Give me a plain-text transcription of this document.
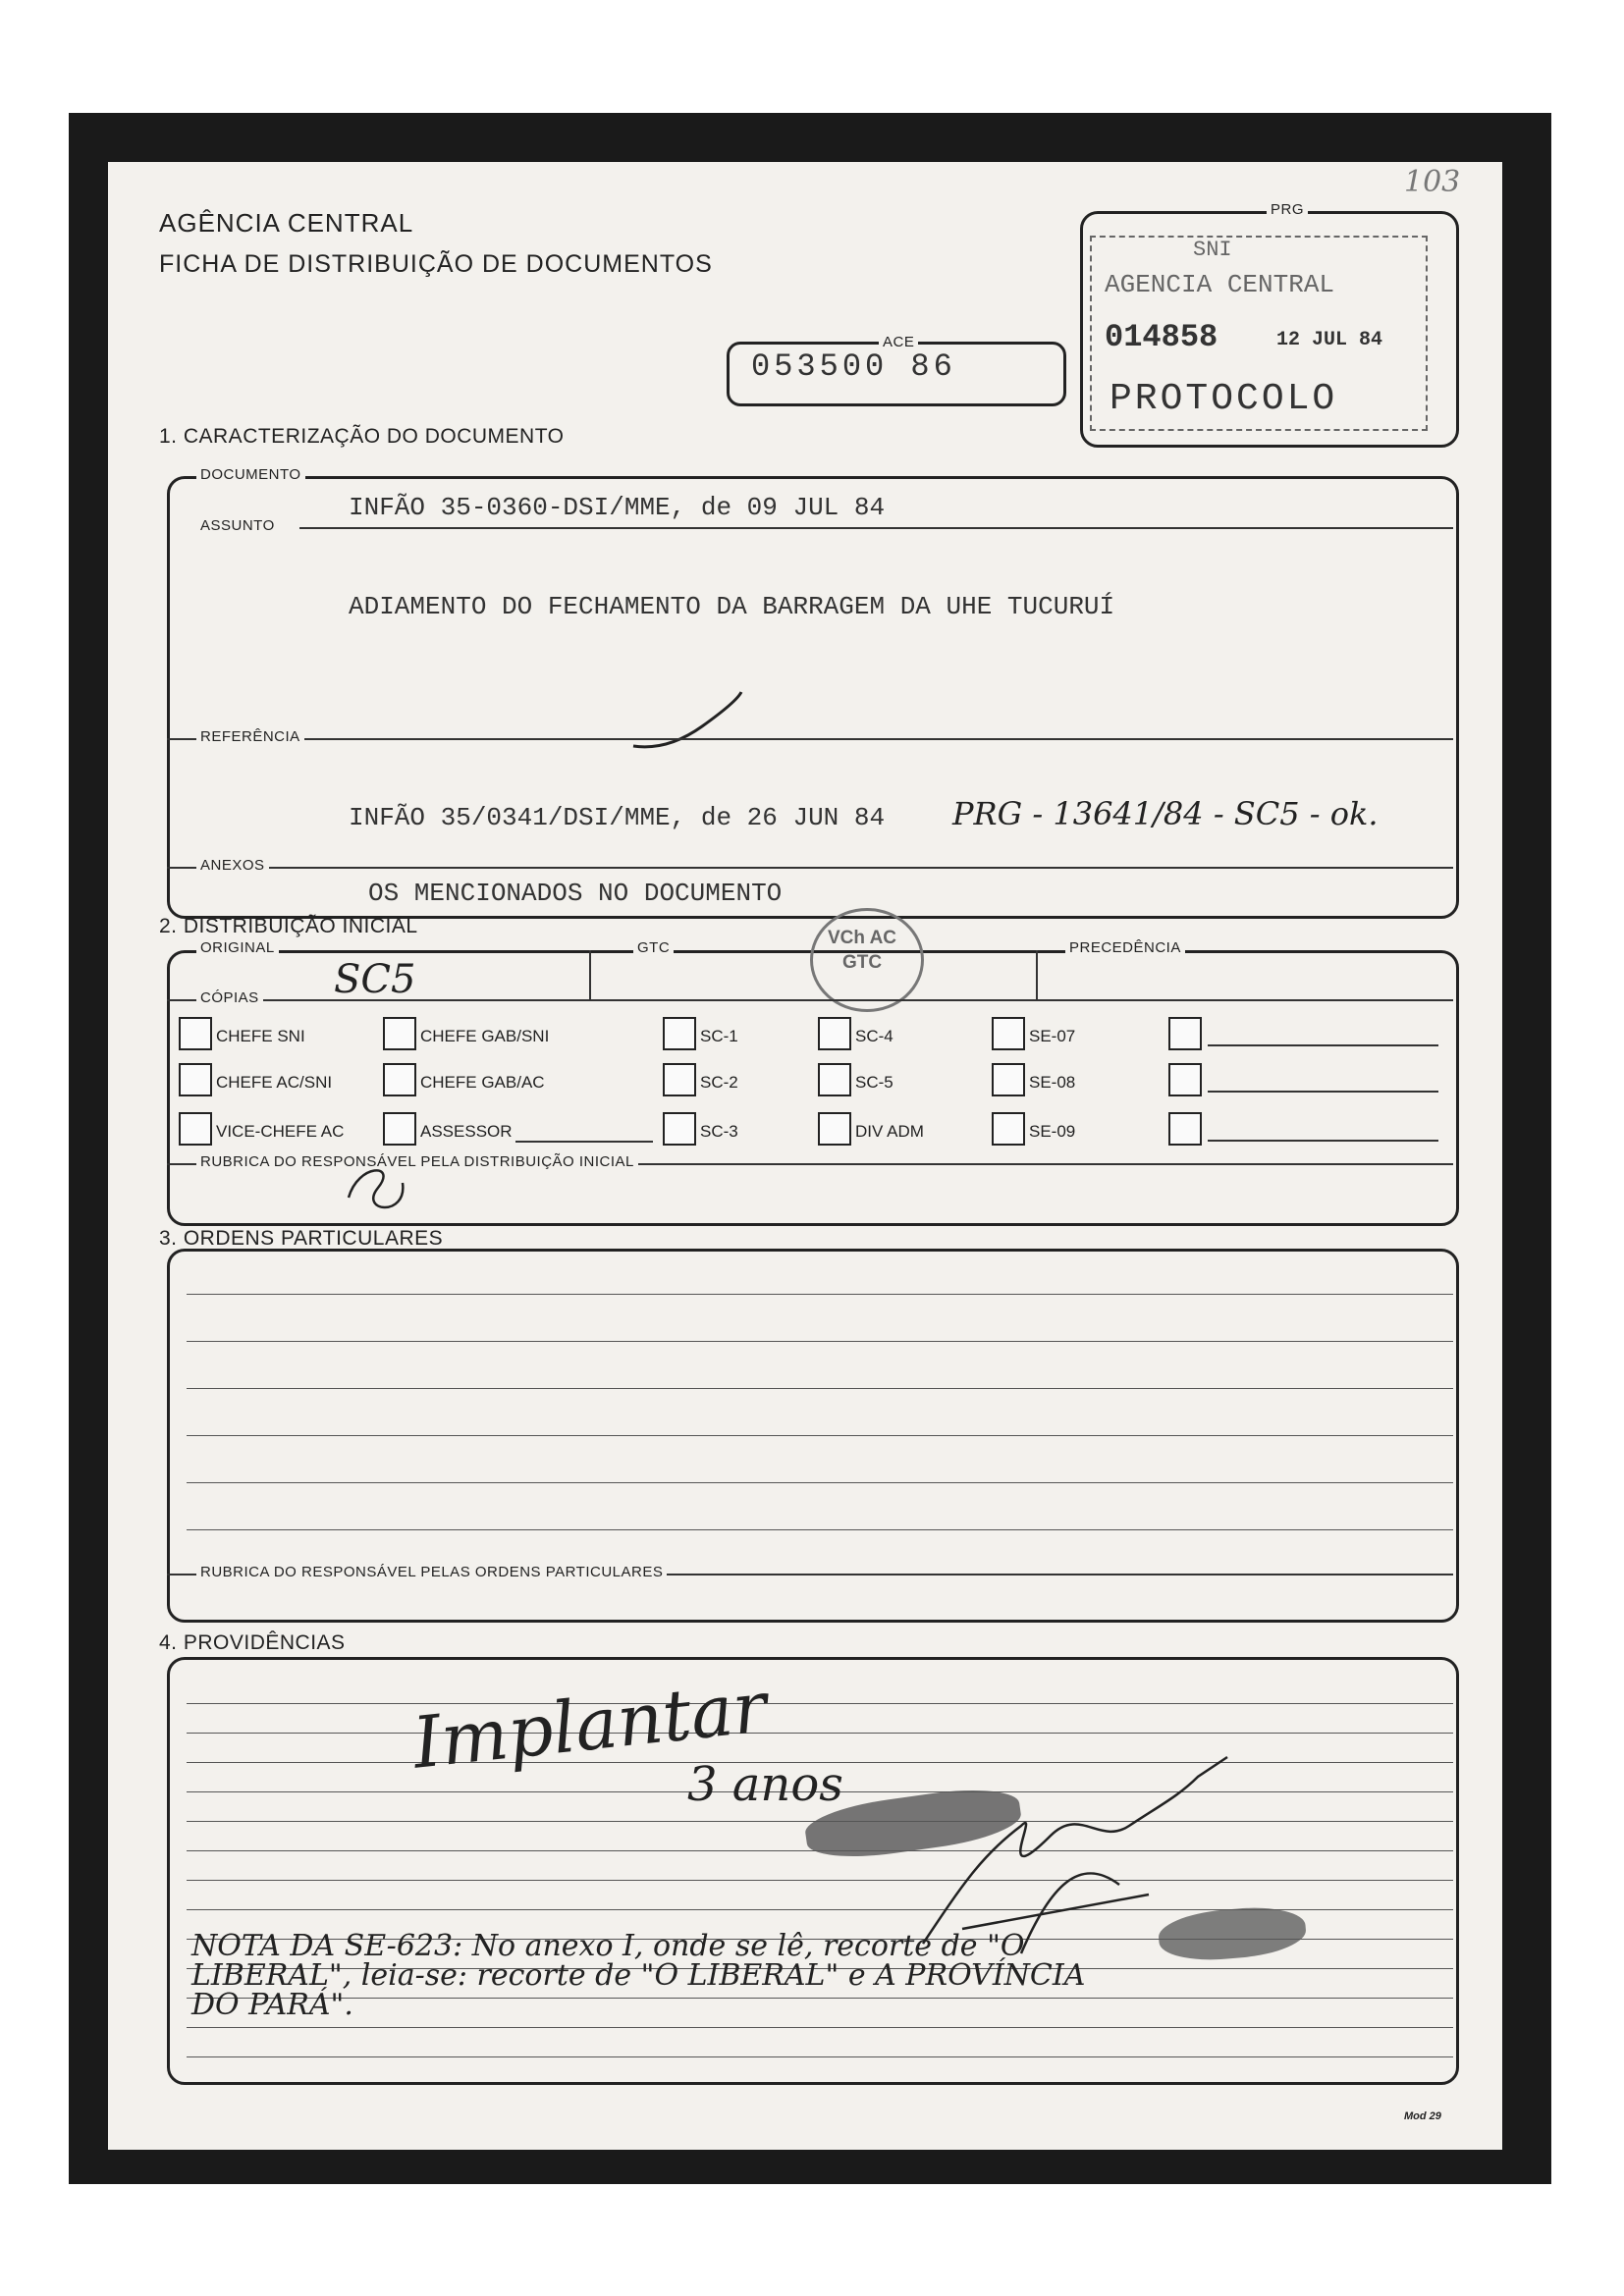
103
AGÊNCIA CENTRAL
FICHA DE DISTRIBUIÇÃO DE DOCUMENTOS
ACE
053500 86
PRG
SNI
AGENCIA CENTRAL
014858	12 JUL 84
PROTOCOLO
1. CARACTERIZAÇÃO DO DOCUMENTO
DOCUMENTO
INFÃO 35-0360-DSI/MME, de 09 JUL 84
ASSUNTO
ADIAMENTO DO FECHAMENTO DA BARRAGEM DA UHE TUCURUÍ
REFERÊNCIA
INFÃO 35/0341/DSI/MME, de 26 JUN 84 PRG - 13641/84 - SC5 - ok.
ANEXOS
OS MENCIONADOS NO DOCUMENTO
2. DISTRIBUIÇÃO INICIAL
ORIGINAL
SC5
GTC	VCh AC
GTC
PRECEDÊNCIA
CÓPIAS
CHEFE SNI	CHEFE GAB/SNI	SC-1	SC-4	SE-07
CHEFE AC/SNI	CHEFE GAB/AC	SC-2	SC-5	SE-08
VICE-CHEFE AC	ASSESSOR	SC-3	DIV ADM	SE-09
RUBRICA DO RESPONSÁVEL PELA DISTRIBUIÇÃO INICIAL
3. ORDENS PARTICULARES
RUBRICA DO RESPONSÁVEL PELAS ORDENS PARTICULARES
4. PROVIDÊNCIAS
Implantar
3 anos
NOTA DA SE-623: No anexo I, onde se lê, recorte de "O
LIBERAL", leia-se: recorte de "O LIBERAL" e A PROVÍNCIA
DO PARÁ".
Mod 29
